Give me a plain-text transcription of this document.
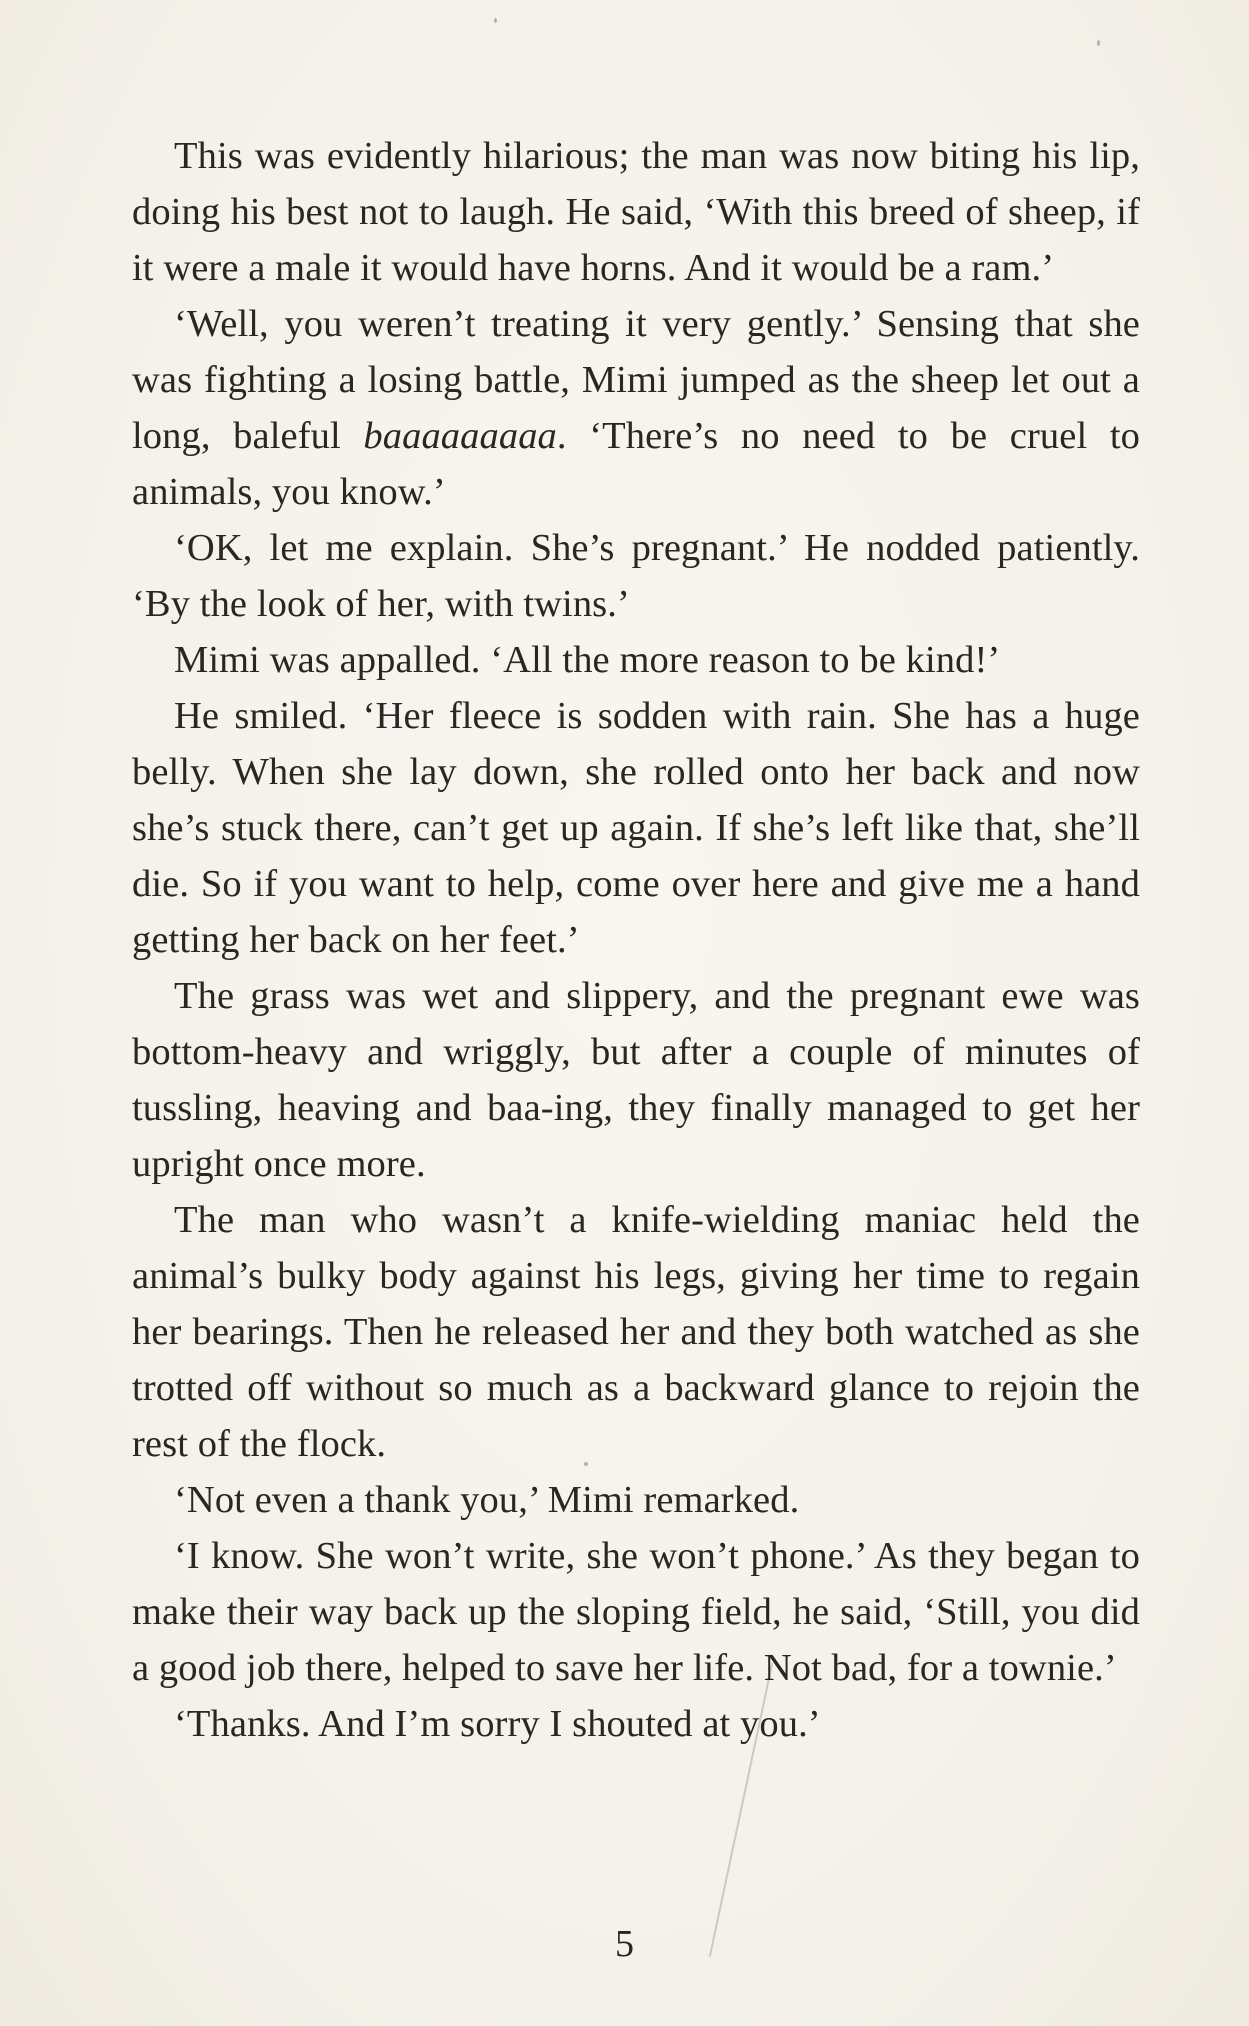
This was evidently hilarious; the man was now biting his lip, doing his best not to laugh. He said, ‘With this breed of sheep, if it were a male it would have horns. And it would be a ram.’

‘Well, you weren’t treating it very gently.’ Sensing that she was fighting a losing battle, Mimi jumped as the sheep let out a long, baleful baaaaaaaaa. ‘There’s no need to be cruel to animals, you know.’

‘OK, let me explain. She’s pregnant.’ He nodded patiently. ‘By the look of her, with twins.’

Mimi was appalled. ‘All the more reason to be kind!’

He smiled. ‘Her fleece is sodden with rain. She has a huge belly. When she lay down, she rolled onto her back and now she’s stuck there, can’t get up again. If she’s left like that, she’ll die. So if you want to help, come over here and give me a hand getting her back on her feet.’

The grass was wet and slippery, and the pregnant ewe was bottom-heavy and wriggly, but after a couple of minutes of tussling, heaving and baa-ing, they finally managed to get her upright once more.

The man who wasn’t a knife-wielding maniac held the animal’s bulky body against his legs, giving her time to regain her bearings. Then he released her and they both watched as she trotted off without so much as a backward glance to rejoin the rest of the flock.

‘Not even a thank you,’ Mimi remarked.

‘I know. She won’t write, she won’t phone.’ As they began to make their way back up the sloping field, he said, ‘Still, you did a good job there, helped to save her life. Not bad, for a townie.’

‘Thanks. And I’m sorry I shouted at you.’

5
